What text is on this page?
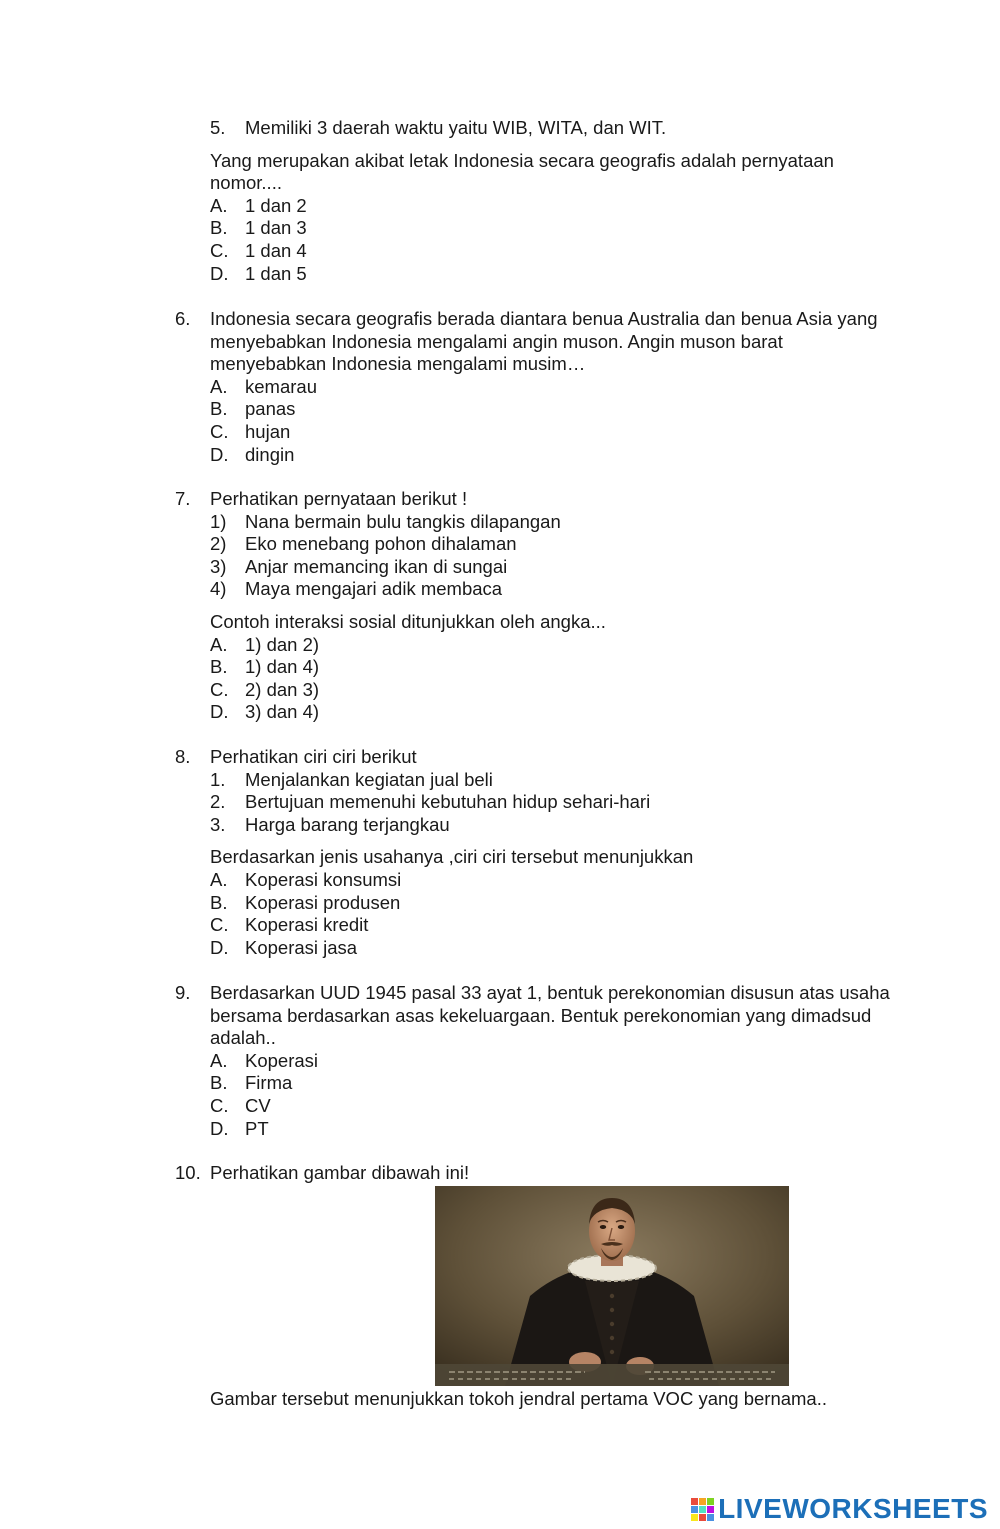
5.	Memiliki 3 daerah waktu yaitu WIB, WITA, dan WIT.
Yang merupakan akibat letak Indonesia secara geografis adalah pernyataan nomor....
A. 1 dan 2
B. 1 dan 3
C. 1 dan 4
D. 1 dan 5
6.	Indonesia secara geografis berada diantara benua Australia dan benua Asia yang menyebabkan Indonesia mengalami angin muson. Angin muson barat menyebabkan Indonesia mengalami musim…
A. kemarau
B. panas
C. hujan
D. dingin
7.	Perhatikan pernyataan berikut !
1)	Nana bermain bulu tangkis dilapangan
2)	Eko menebang pohon dihalaman
3)	Anjar memancing ikan di sungai
4)	Maya mengajari adik membaca
Contoh interaksi sosial ditunjukkan oleh angka...
A. 1) dan 2)
B. 1) dan 4)
C. 2) dan 3)
D. 3) dan 4)
8.	Perhatikan ciri ciri berikut
1.	Menjalankan kegiatan jual beli
2.	Bertujuan memenuhi kebutuhan hidup sehari-hari
3.	Harga barang terjangkau
Berdasarkan jenis usahanya ,ciri ciri tersebut menunjukkan
A. Koperasi konsumsi
B. Koperasi produsen
C. Koperasi kredit
D. Koperasi jasa
9.	Berdasarkan UUD 1945 pasal 33 ayat 1, bentuk perekonomian disusun atas usaha bersama berdasarkan asas kekeluargaan. Bentuk perekonomian yang dimadsud adalah..
A. Koperasi
B. Firma
C. CV
D. PT
10. Perhatikan gambar dibawah ini!
Gambar tersebut menunjukkan tokoh jendral pertama VOC yang bernama..
LIVEWORKSHEETS
